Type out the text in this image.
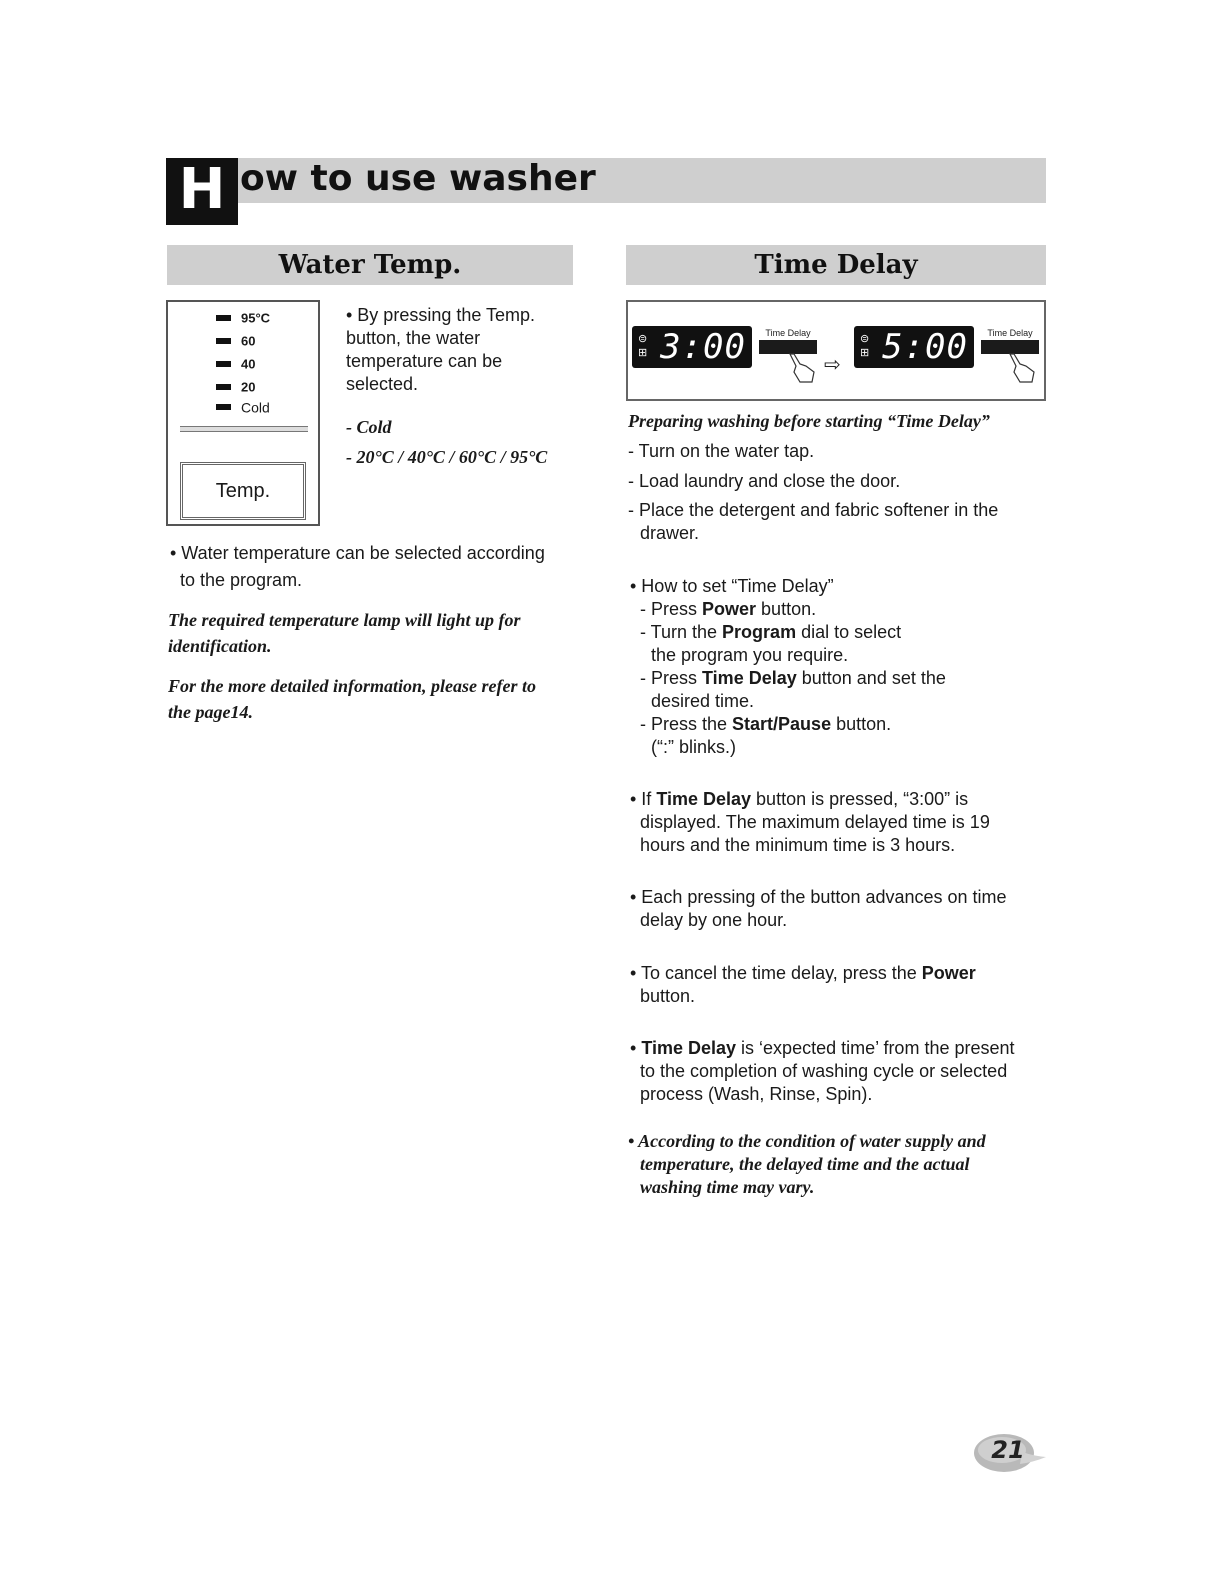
H ow to use washer
Water Temp.
95°C
60
40
20
Cold
Temp.
• By pressing the Temp. button, the water temperature can be selected.
- Cold
- 20°C / 40°C / 60°C / 95°C
• Water temperature can be selected according
to the program.
The required temperature lamp will light up for
identification.
For the more detailed information, please refer to
the page14.
Time Delay
⊜
⊞ 3:00	Time Delay
⇨
⊜
⊞ 5:00	Time Delay
Preparing washing before starting “Time Delay”
- Turn on the water tap.
- Load laundry and close the door.
- Place the detergent and fabric softener in the
drawer.
• How to set “Time Delay”
- Press Power button.
- Turn the Program dial to select
the program you require.
- Press Time Delay button and set the
desired time.
- Press the Start/Pause button.
(“:” blinks.)
• If Time Delay button is pressed, “3:00” is
displayed. The maximum delayed time is 19
hours and the minimum time is 3 hours.
• Each pressing of the button advances on time
delay by one hour.
• To cancel the time delay, press the Power
button.
• Time Delay is ‘expected time’ from the present
to the completion of washing cycle or selected
process (Wash, Rinse, Spin).
• According to the condition of water supply and
temperature, the delayed time and the actual
washing time may vary.
21
